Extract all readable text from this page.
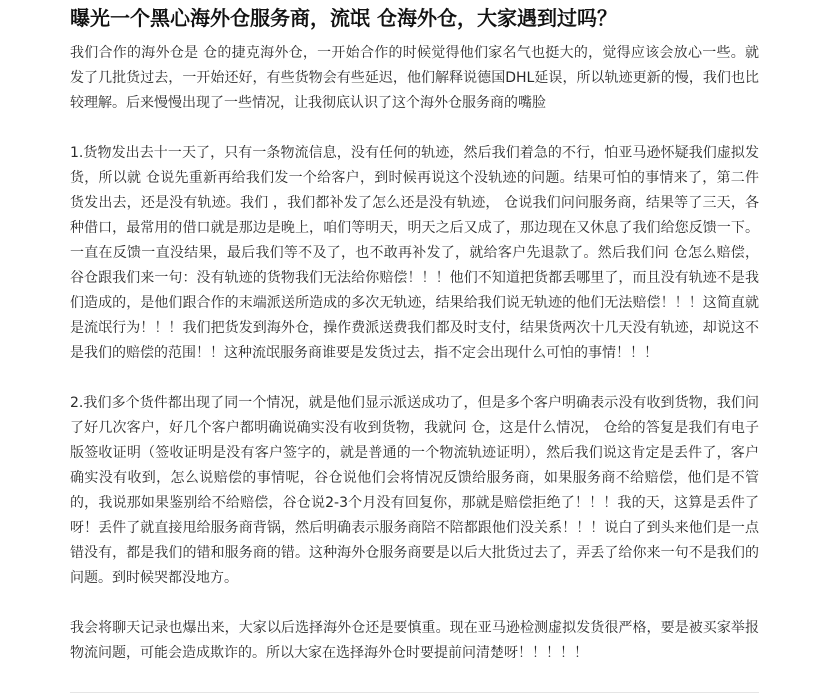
曝光一个黑心海外仓服务商，流氓 仓海外仓，大家遇到过吗？

我们合作的海外仓是 仓的捷克海外仓，一开始合作的时候觉得他们家名气也挺大的，觉得应该会放心一些。就发了几批货过去，一开始还好，有些货物会有些延迟，他们解释说德国DHL延误，所以轨迹更新的慢，我们也比较理解。后来慢慢出现了一些情况，让我彻底认识了这个海外仓服务商的嘴脸

1.货物发出去十一天了，只有一条物流信息，没有任何的轨迹，然后我们着急的不行，怕亚马逊怀疑我们虚拟发货，所以就 仓说先重新再给我们发一个给客户，到时候再说这个没轨迹的问题。结果可怕的事情来了，第二件货发出去，还是没有轨迹。我们 ，我们都补发了怎么还是没有轨迹， 仓说我们问问服务商，结果等了三天，各种借口，最常用的借口就是那边是晚上，咱们等明天，明天之后又成了，那边现在又休息了我们给您反馈一下。一直在反馈一直没结果，最后我们等不及了，也不敢再补发了，就给客户先退款了。然后我们问 仓怎么赔偿，谷仓跟我们来一句：没有轨迹的货物我们无法给你赔偿！！！他们不知道把货都丢哪里了，而且没有轨迹不是我们造成的，是他们跟合作的末端派送所造成的多次无轨迹，结果给我们说无轨迹的他们无法赔偿！！！这简直就是流氓行为！！！我们把货发到海外仓，操作费派送费我们都及时支付，结果货两次十几天没有轨迹，却说这不是我们的赔偿的范围！！这种流氓服务商谁要是发货过去，指不定会出现什么可怕的事情！！！

2.我们多个货件都出现了同一个情况，就是他们显示派送成功了，但是多个客户明确表示没有收到货物，我们问了好几次客户，好几个客户都明确说确实没有收到货物，我就问 仓，这是什么情况， 仓给的答复是我们有电子版签收证明（签收证明是没有客户签字的，就是普通的一个物流轨迹证明），然后我们说这肯定是丢件了，客户确实没有收到，怎么说赔偿的事情呢，谷仓说他们会将情况反馈给服务商，如果服务商不给赔偿，他们是不管的，我说那如果鉴别给不给赔偿，谷仓说2-3个月没有回复你，那就是赔偿拒绝了！！！我的天，这算是丢件了呀！丢件了就直接甩给服务商背锅，然后明确表示服务商陪不陪都跟他们没关系！！！说白了到头来他们是一点错没有，都是我们的错和服务商的错。这种海外仓服务商要是以后大批货过去了，弄丢了给你来一句不是我们的问题。到时候哭都没地方。

我会将聊天记录也爆出来，大家以后选择海外仓还是要慎重。现在亚马逊检测虚拟发货很严格，要是被买家举报物流问题，可能会造成欺诈的。所以大家在选择海外仓时要提前问清楚呀！！！！！
